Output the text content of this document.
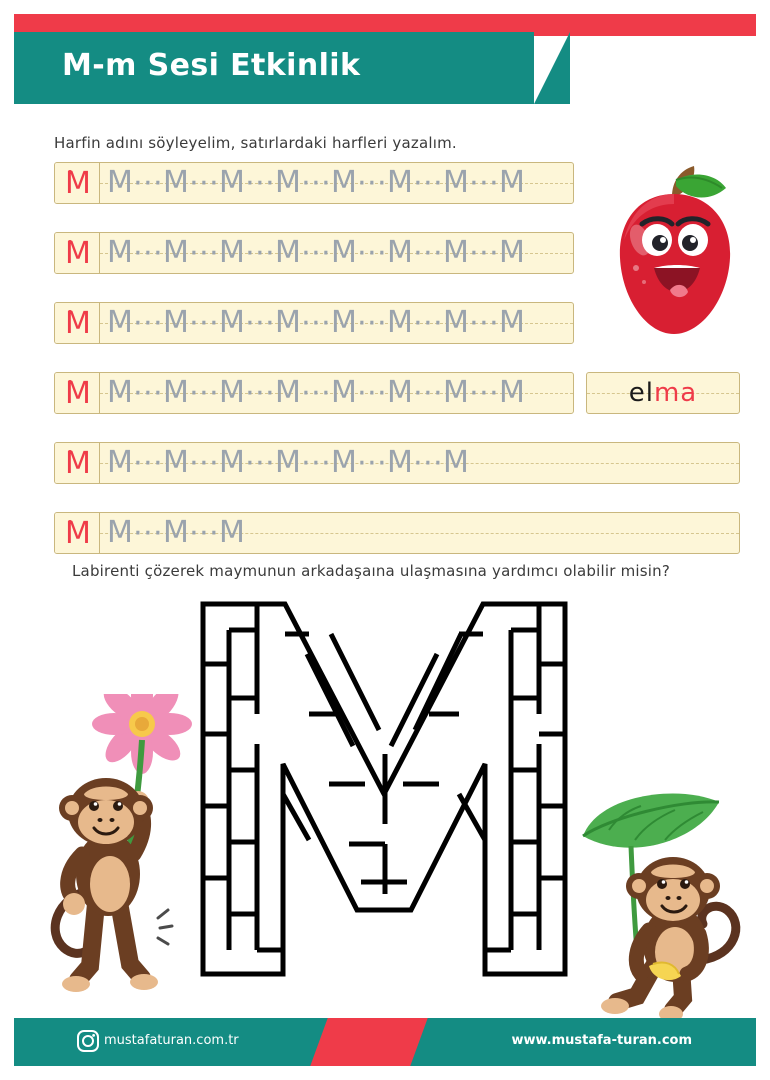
M-m Sesi Etkinlik
Harfin adını söyleyelim, satırlardaki harfleri yazalım.
M M⋯M⋯M⋯M⋯M⋯M⋯M⋯M
M M⋯M⋯M⋯M⋯M⋯M⋯M⋯M
M M⋯M⋯M⋯M⋯M⋯M⋯M⋯M
M M⋯M⋯M⋯M⋯M⋯M⋯M⋯M	elma
M M⋯M⋯M⋯M⋯M⋯M⋯M
M M⋯M⋯M
Labirenti çözerek maymunun arkadaşaına ulaşmasına yardımcı olabilir misin?
mustafaturan.com.tr	www.mustafa-turan.com
